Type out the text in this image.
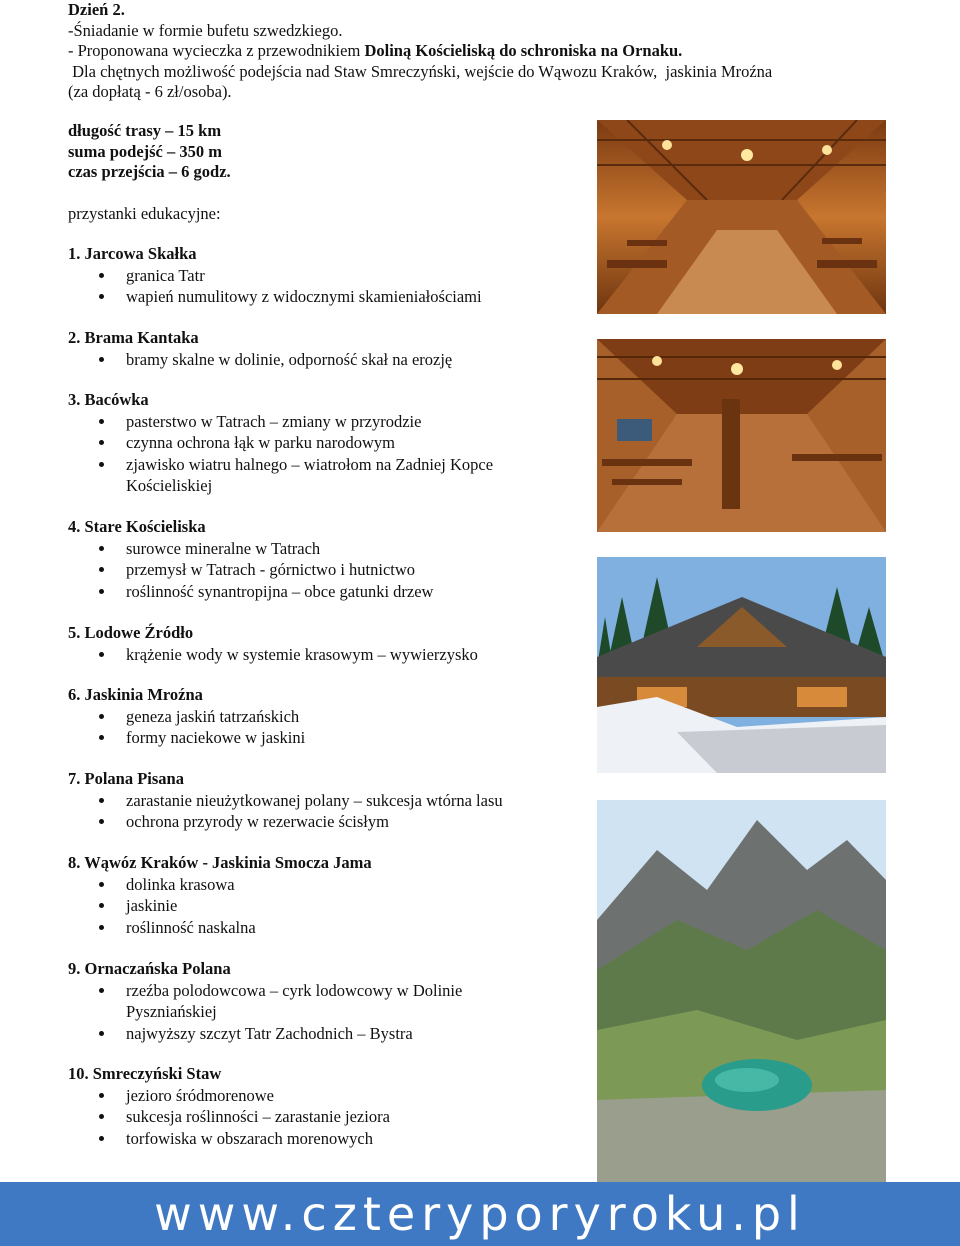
Dzień 2.
-Śniadanie w formie bufetu szwedzkiego.
- Proponowana wycieczka z przewodnikiem Doliną Kościeliską do schroniska na Ornaku.
Dla chętnych możliwość podejścia nad Staw Smreczyński, wejście do Wąwozu Kraków,  jaskinia Mroźna
(za dopłatą - 6 zł/osoba).
długość trasy – 15 km
suma podejść – 350 m
czas przejścia – 6 godz.
przystanki edukacyjne:
1. Jarcowa Skałka
granica Tatr
wapień numulitowy z widocznymi skamieniałościami
2. Brama Kantaka
bramy skalne w dolinie, odporność skał na erozję
3. Bacówka
pasterstwo w Tatrach – zmiany w przyrodzie
czynna ochrona łąk w parku narodowym
zjawisko wiatru halnego – wiatrołom na Zadniej Kopce Kościeliskiej
4. Stare Kościeliska
surowce mineralne w Tatrach
przemysł w Tatrach - górnictwo i hutnictwo
roślinność synantropijna – obce gatunki drzew
5. Lodowe Źródło
krążenie wody w systemie krasowym – wywierzysko
6. Jaskinia Mroźna
geneza jaskiń tatrzańskich
formy naciekowe w jaskini
7. Polana Pisana
zarastanie nieużytkowanej polany – sukcesja wtórna lasu
ochrona przyrody w rezerwacie ścisłym
8. Wąwóz Kraków - Jaskinia Smocza Jama
dolinka krasowa
jaskinie
roślinność naskalna
9. Ornaczańska Polana
rzeźba polodowcowa – cyrk lodowcowy w Dolinie Pyszniańskiej
najwyższy szczyt Tatr Zachodnich – Bystra
10. Smreczyński Staw
jezioro śródmorenowe
sukcesja roślinności – zarastanie jeziora
torfowiska w obszarach morenowych
www.czteryporyroku.pl
